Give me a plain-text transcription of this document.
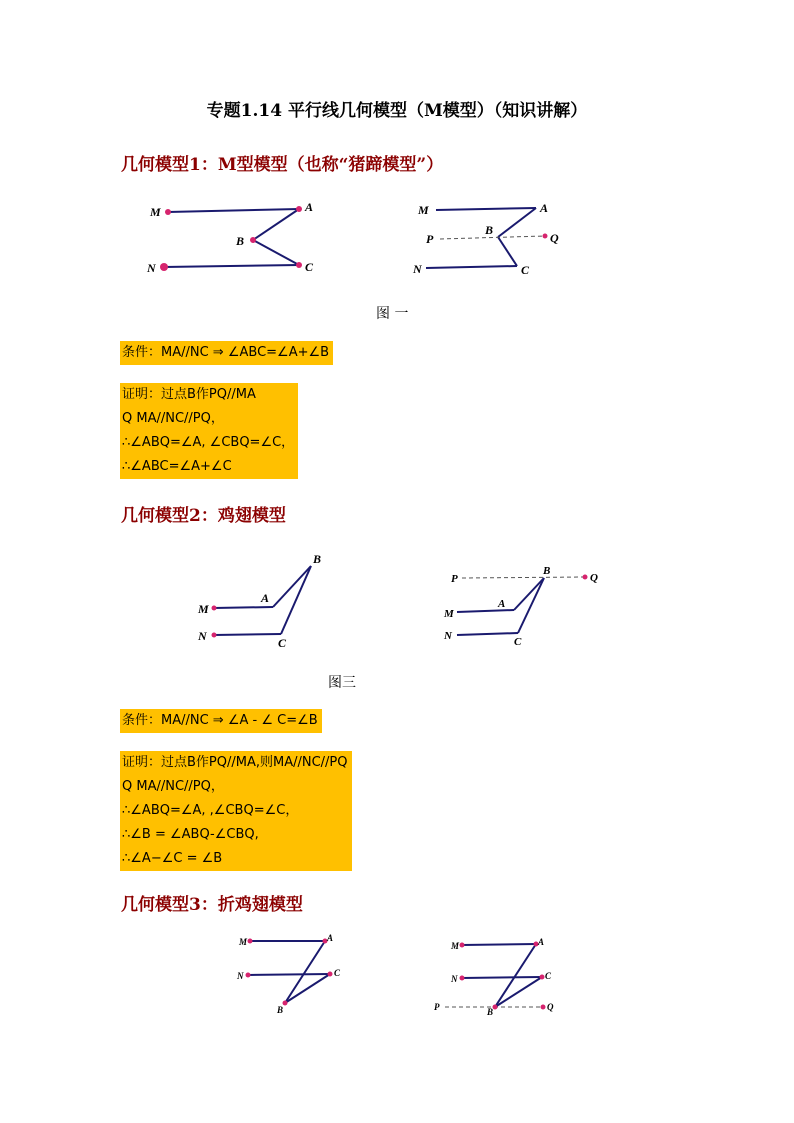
专题1.14 平行线几何模型（M模型）（知识讲解）
几何模型1：M型模型（也称“猪蹄模型”）
M	A
B
N	C
M	A
P
B
Q
N	C
图 一
条件：MA//NC ⇒ ∠ABC=∠A+∠B
证明：过点B作PQ//MA
Q MA//NC//PQ，
∴∠ABQ=∠A, ∠CBQ=∠C，
∴∠ABC=∠A+∠C
几何模型2：鸡翅模型
B
A
M
N	C
P
B
Q
A
M
N	C
图三
条件：MA//NC ⇒ ∠A - ∠ C=∠B
证明：过点B作PQ//MA,则MA//NC//PQ
Q MA//NC//PQ，
∴∠ABQ=∠A, ,∠CBQ=∠C，
∴∠B = ∠ABQ-∠CBQ,
∴∠A−∠C = ∠B
几何模型3：折鸡翅模型
M	A
N	C
B
M	A
N	C
P	B	Q
